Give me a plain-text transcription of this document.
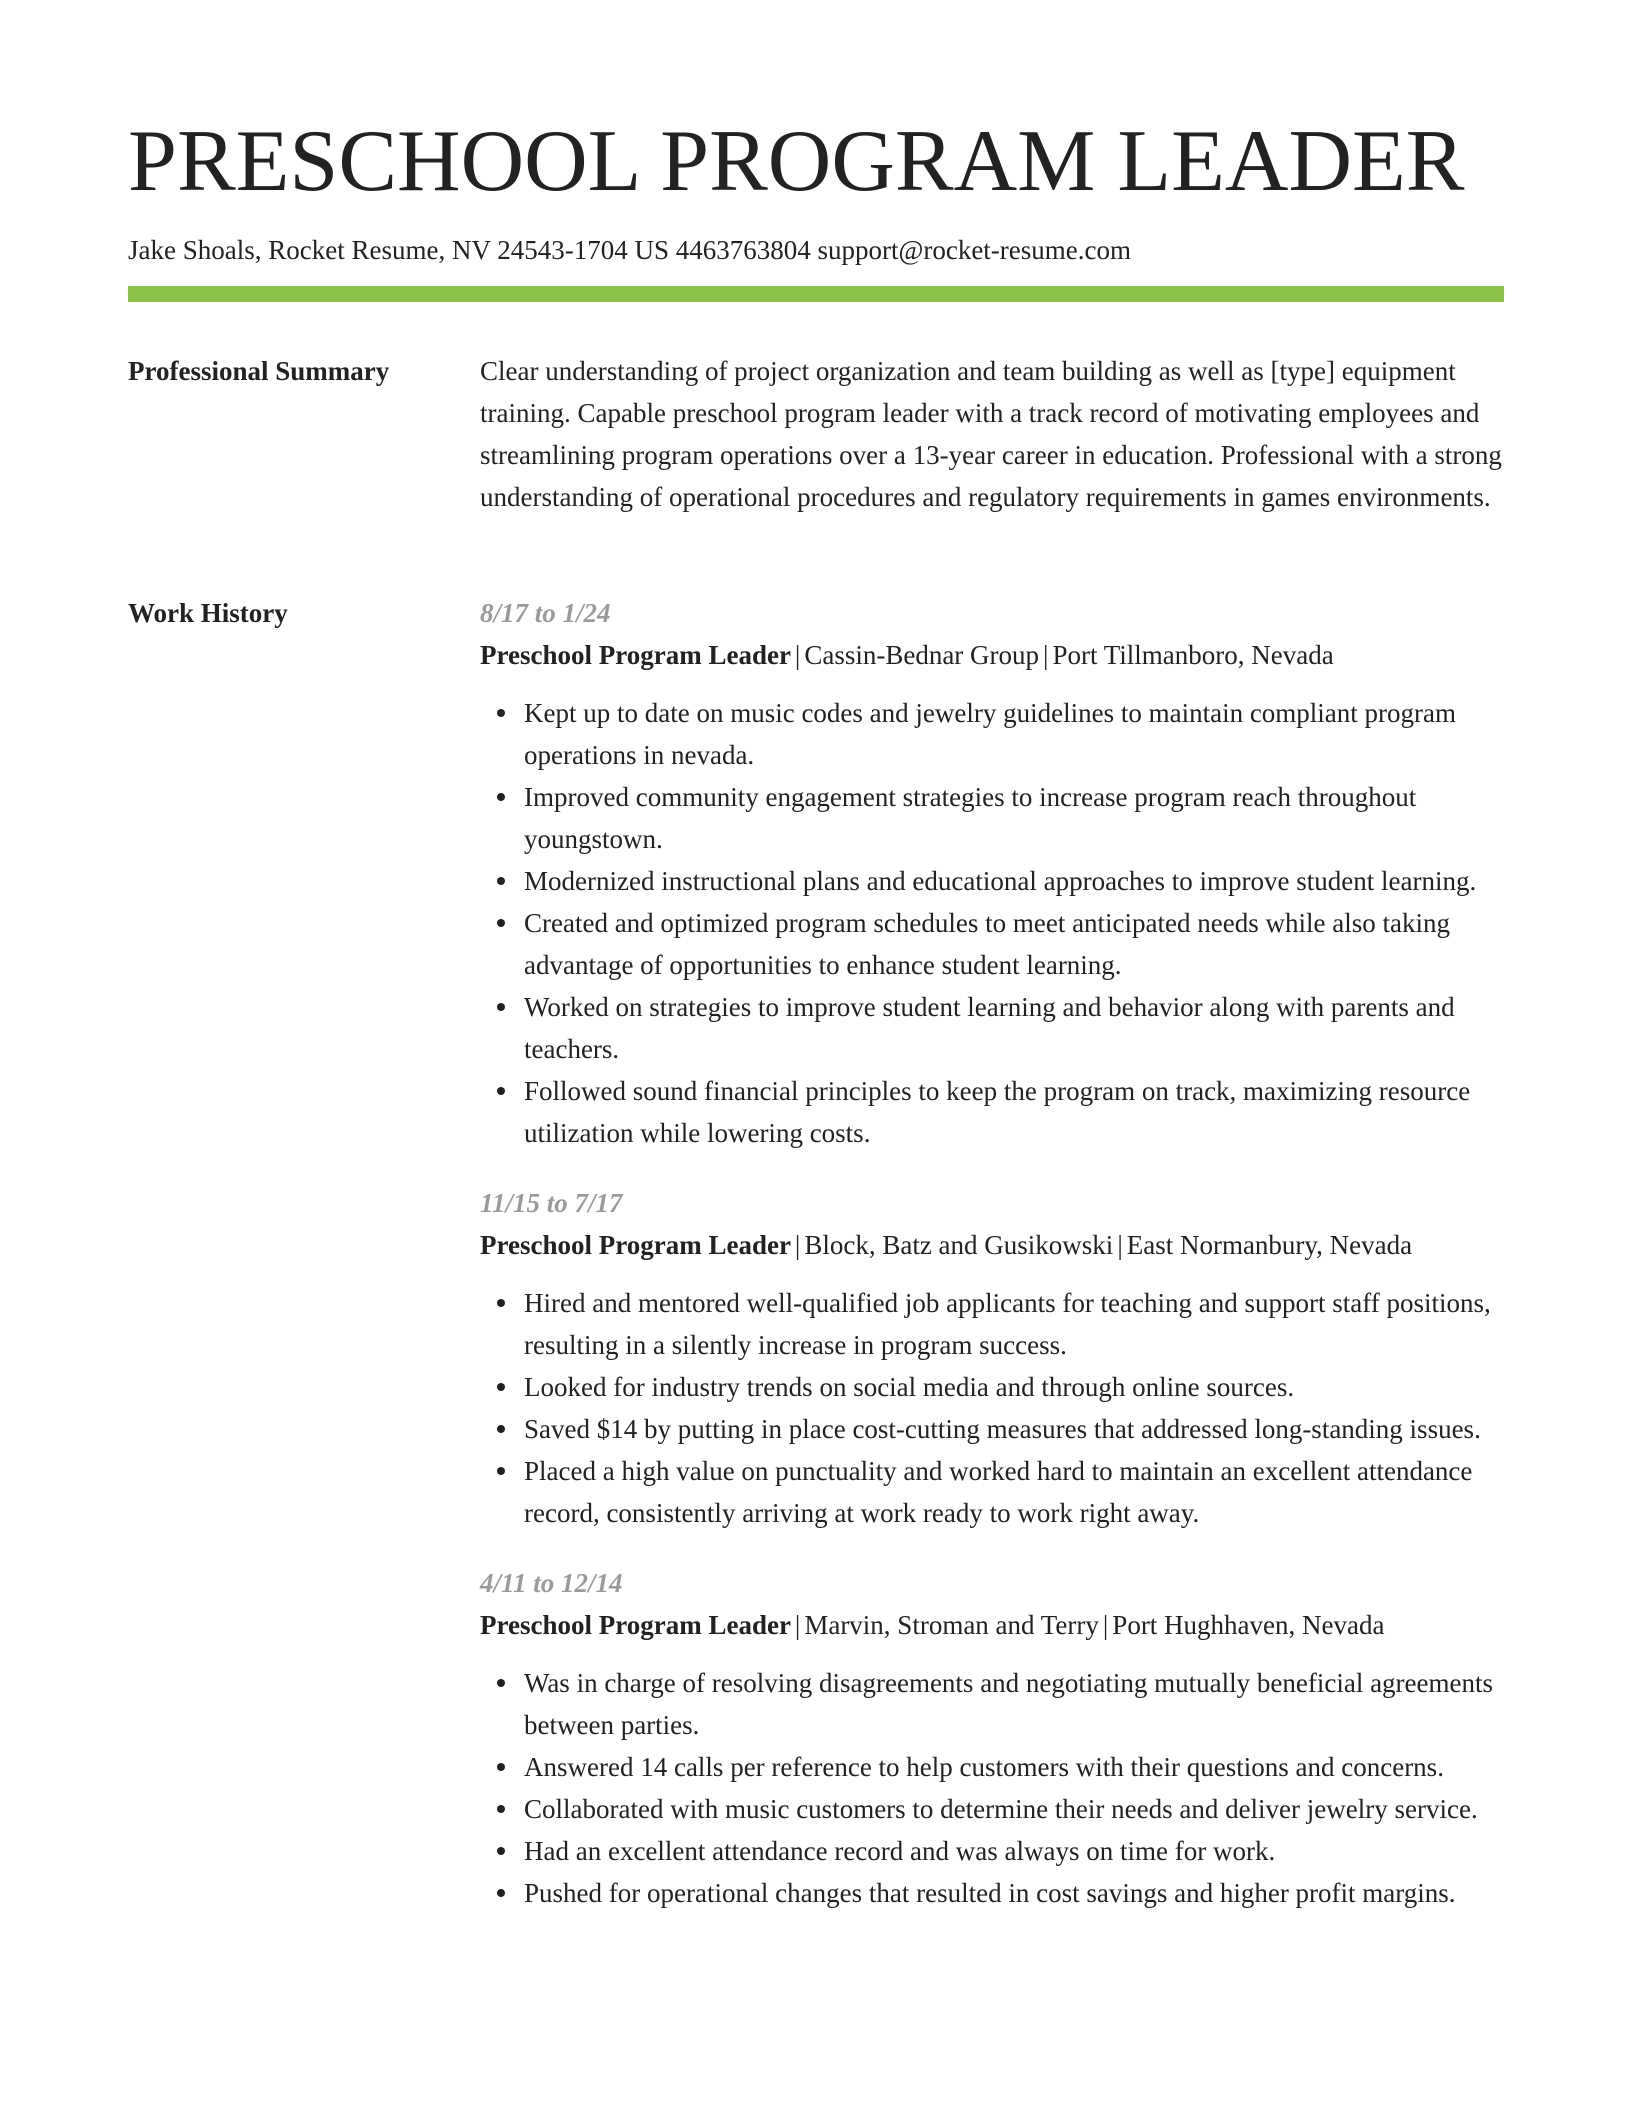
PRESCHOOL PROGRAM LEADER

Jake Shoals, Rocket Resume, NV 24543-1704 US 4463763804 support@rocket-resume.com

Professional Summary	Clear understanding of project organization and team building as well as [type] equipment training. Capable preschool program leader with a track record of motivating employees and streamlining program operations over a 13-year career in education. Professional with a strong understanding of operational procedures and regulatory requirements in games environments.

Work History	8/17 to 1/24

Preschool Program Leader | Cassin-Bednar Group | Port Tillmanboro, Nevada

Kept up to date on music codes and jewelry guidelines to maintain compliant program operations in nevada.
Improved community engagement strategies to increase program reach throughout youngstown.
Modernized instructional plans and educational approaches to improve student learning.
Created and optimized program schedules to meet anticipated needs while also taking advantage of opportunities to enhance student learning.
Worked on strategies to improve student learning and behavior along with parents and teachers.
Followed sound financial principles to keep the program on track, maximizing resource utilization while lowering costs.

11/15 to 7/17

Preschool Program Leader | Block, Batz and Gusikowski | East Normanbury, Nevada

Hired and mentored well-qualified job applicants for teaching and support staff positions, resulting in a silently increase in program success.
Looked for industry trends on social media and through online sources.
Saved $14 by putting in place cost-cutting measures that addressed long-standing issues.
Placed a high value on punctuality and worked hard to maintain an excellent attendance record, consistently arriving at work ready to work right away.

4/11 to 12/14

Preschool Program Leader | Marvin, Stroman and Terry | Port Hughhaven, Nevada

Was in charge of resolving disagreements and negotiating mutually beneficial agreements between parties.
Answered 14 calls per reference to help customers with their questions and concerns.
Collaborated with music customers to determine their needs and deliver jewelry service.
Had an excellent attendance record and was always on time for work.
Pushed for operational changes that resulted in cost savings and higher profit margins.
